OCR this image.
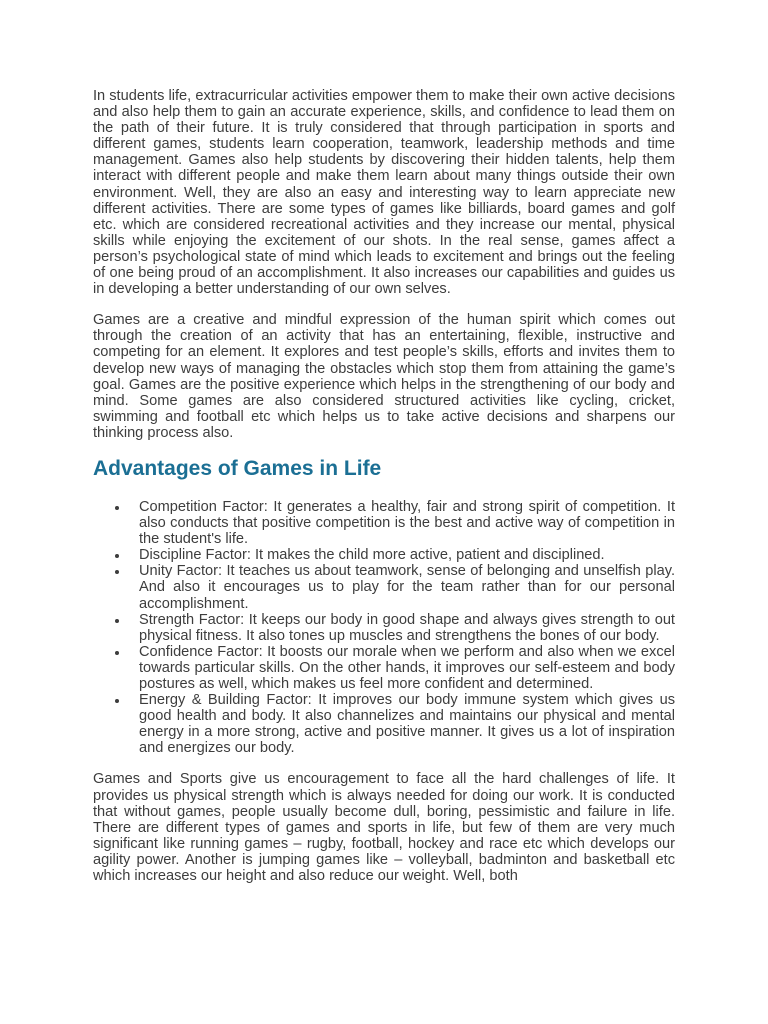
In students life, extracurricular activities empower them to make their own active decisions and also help them to gain an accurate experience, skills, and confidence to lead them on the path of their future. It is truly considered that through participation in sports and different games, students learn cooperation, teamwork, leadership methods and time management. Games also help students by discovering their hidden talents, help them interact with different people and make them learn about many things outside their own environment. Well, they are also an easy and interesting way to learn appreciate new different activities. There are some types of games like billiards, board games and golf etc. which are considered recreational activities and they increase our mental, physical skills while enjoying the excitement of our shots. In the real sense, games affect a person’s psychological state of mind which leads to excitement and brings out the feeling of one being proud of an accomplishment. It also increases our capabilities and guides us in developing a better understanding of our own selves.

Games are a creative and mindful expression of the human spirit which comes out through the creation of an activity that has an entertaining, flexible, instructive and competing for an element. It explores and test people’s skills, efforts and invites them to develop new ways of managing the obstacles which stop them from attaining the game’s goal. Games are the positive experience which helps in the strengthening of our body and mind. Some games are also considered structured activities like cycling, cricket, swimming and football etc which helps us to take active decisions and sharpens our thinking process also.

Advantages of Games in Life
Competition Factor: It generates a healthy, fair and strong spirit of competition. It also conducts that positive competition is the best and active way of competition in the student's life.
Discipline Factor: It makes the child more active, patient and disciplined.
Unity Factor: It teaches us about teamwork, sense of belonging and unselfish play. And also it encourages us to play for the team rather than for our personal accomplishment.
Strength Factor: It keeps our body in good shape and always gives strength to out physical fitness. It also tones up muscles and strengthens the bones of our body.
Confidence Factor: It boosts our morale when we perform and also when we excel towards particular skills. On the other hands, it improves our self-esteem and body postures as well, which makes us feel more confident and determined.
Energy & Building Factor: It improves our body immune system which gives us good health and body. It also channelizes and maintains our physical and mental energy in a more strong, active and positive manner. It gives us a lot of inspiration and energizes our body.

Games and Sports give us encouragement to face all the hard challenges of life. It provides us physical strength which is always needed for doing our work. It is conducted that without games, people usually become dull, boring, pessimistic and failure in life. There are different types of games and sports in life, but few of them are very much significant like running games – rugby, football, hockey and race etc which develops our agility power. Another is jumping games like – volleyball, badminton and basketball etc which increases our height and also reduce our weight. Well, both
